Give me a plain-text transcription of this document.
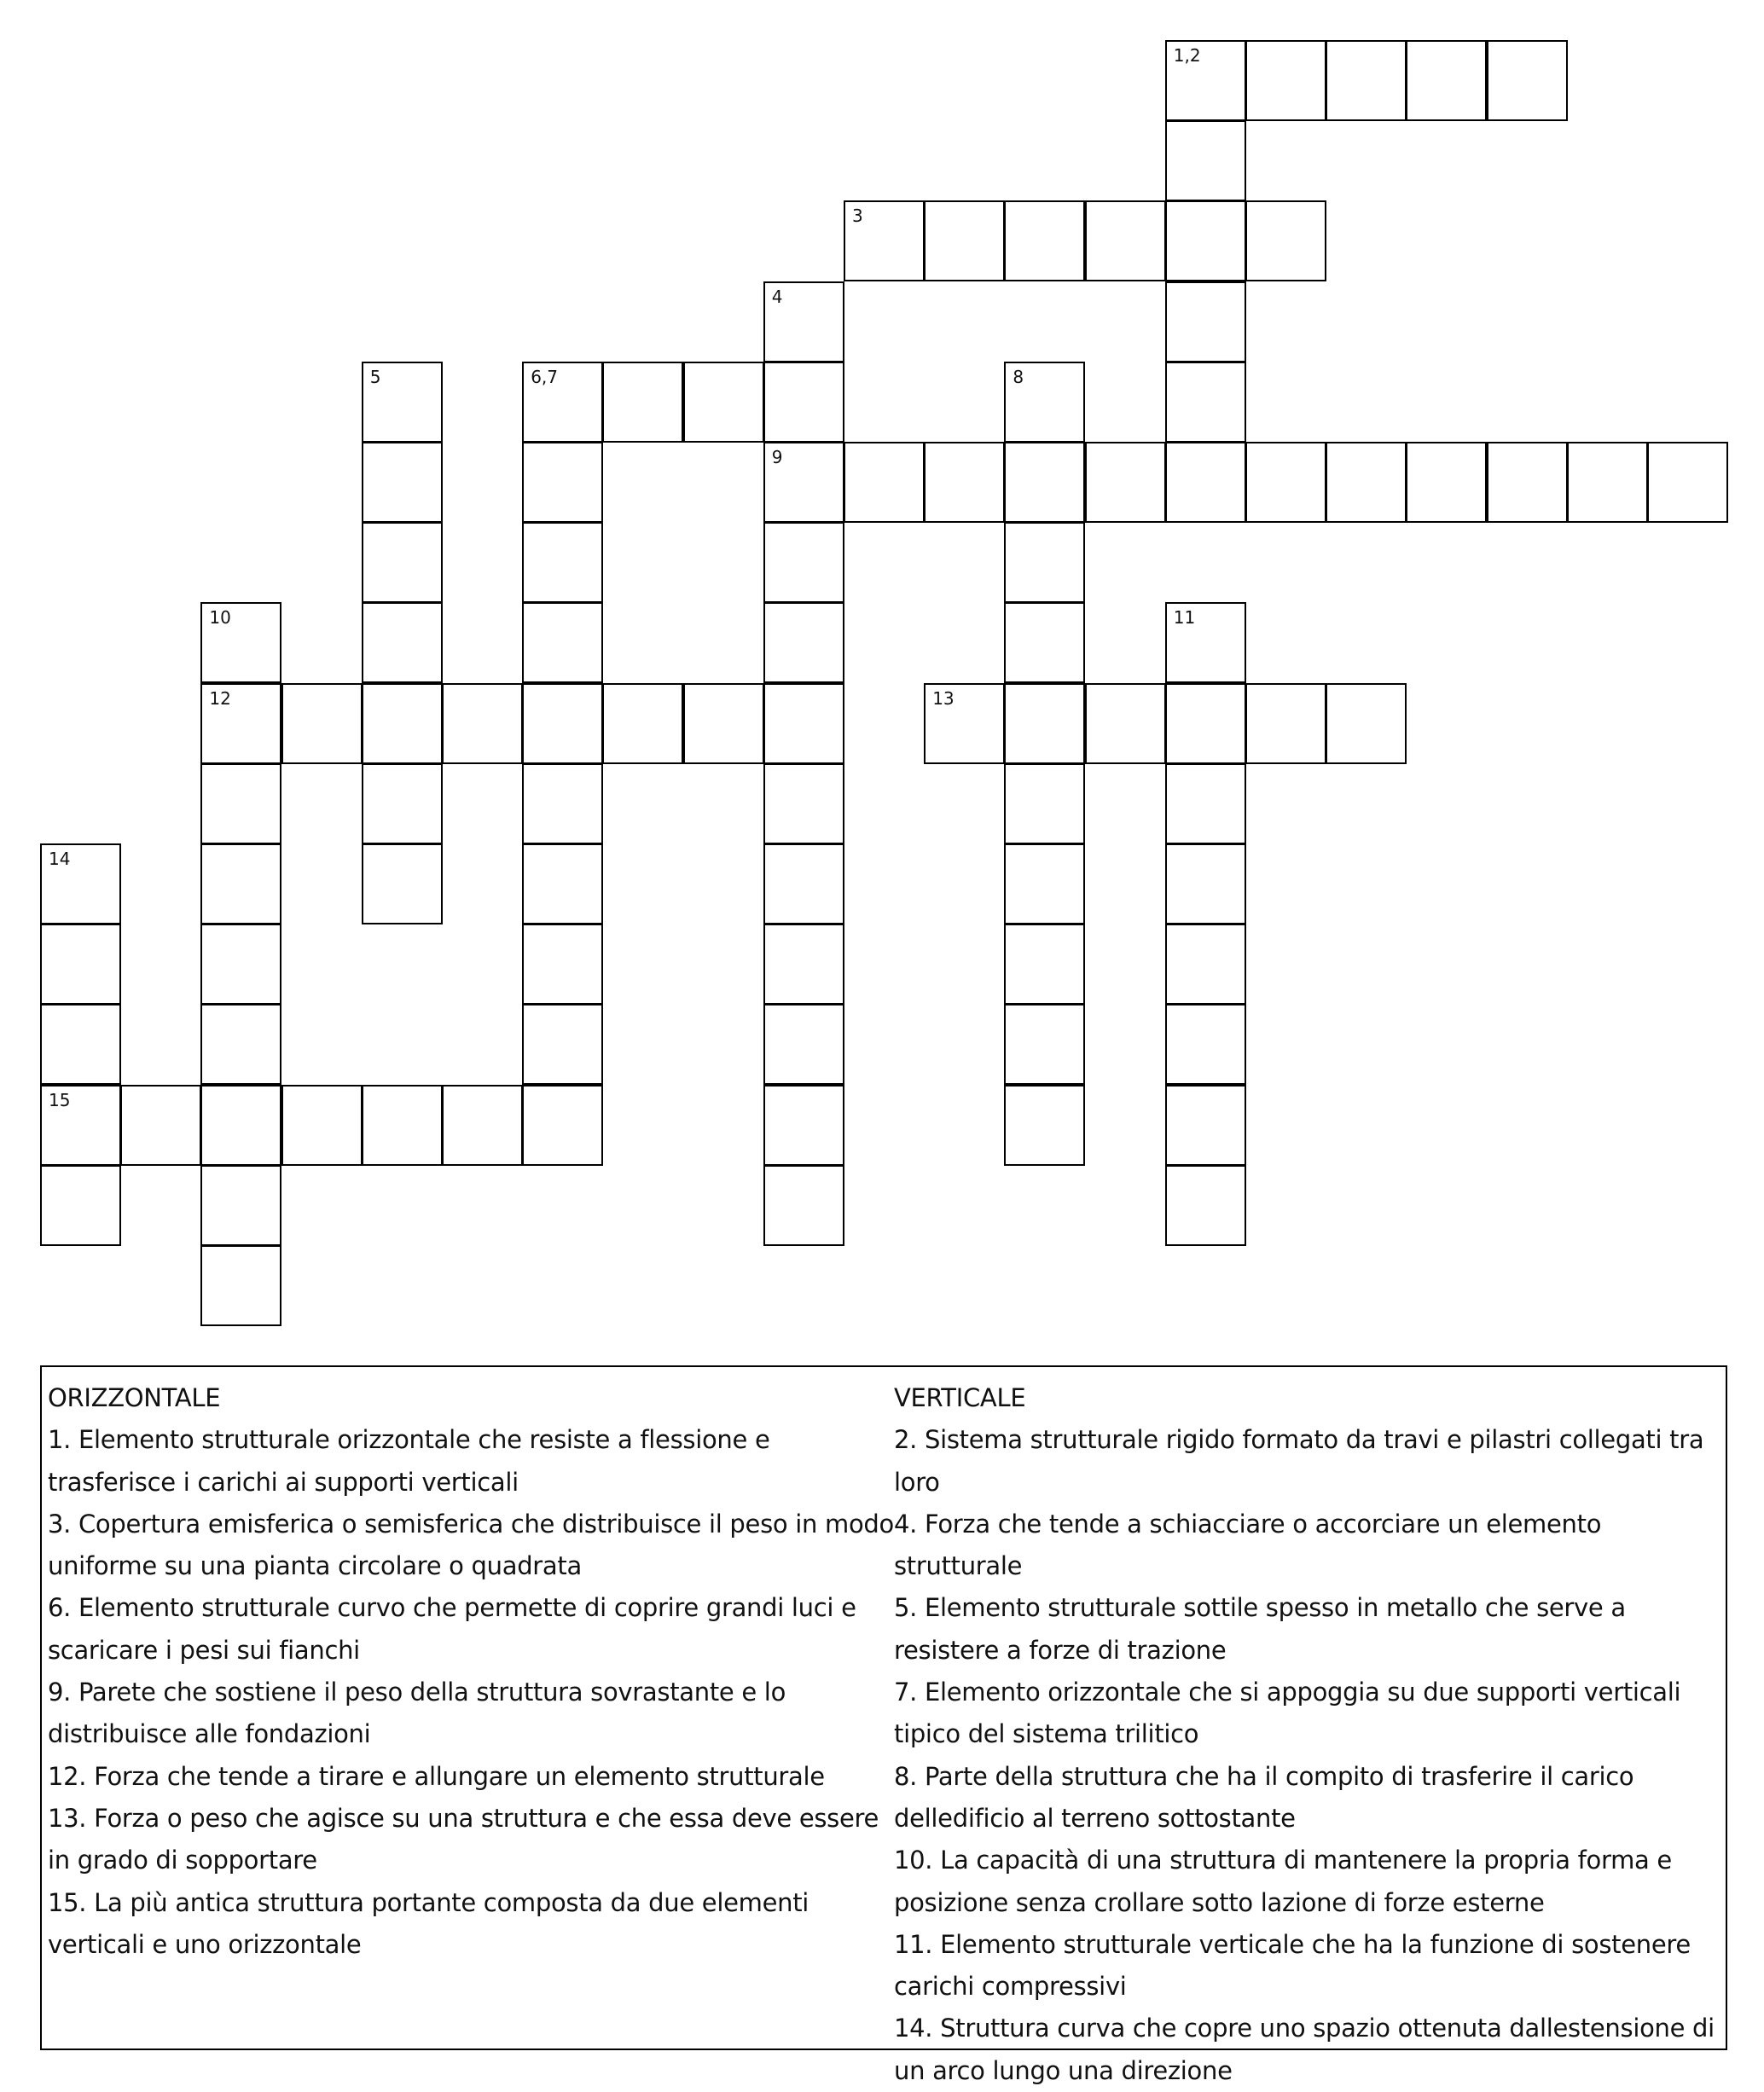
1,2
3
4
9
5	6,7	8
10
12
11
13
14
15

ORIZZONTALE

1. Elemento strutturale orizzontale che resiste a flessione e trasferisce i carichi ai supporti verticali

3. Copertura emisferica o semisferica che distribuisce il peso in modo uniforme su una pianta circolare o quadrata

6. Elemento strutturale curvo che permette di coprire grandi luci e scaricare i pesi sui fianchi

9. Parete che sostiene il peso della struttura sovrastante e lo distribuisce alle fondazioni

12. Forza che tende a tirare e allungare un elemento strutturale

13. Forza o peso che agisce su una struttura e che essa deve essere in grado di sopportare

15. La più antica struttura portante composta da due elementi verticali e uno orizzontale

VERTICALE

2. Sistema strutturale rigido formato da travi e pilastri collegati tra loro

4. Forza che tende a schiacciare o accorciare un elemento strutturale

5. Elemento strutturale sottile spesso in metallo che serve a resistere a forze di trazione

7. Elemento orizzontale che si appoggia su due supporti verticali tipico del sistema trilitico

8. Parte della struttura che ha il compito di trasferire il carico delledificio al terreno sottostante

10. La capacità di una struttura di mantenere la propria forma e posizione senza crollare sotto lazione di forze esterne

11. Elemento strutturale verticale che ha la funzione di sostenere carichi compressivi

14. Struttura curva che copre uno spazio ottenuta dallestensione di un arco lungo una direzione
